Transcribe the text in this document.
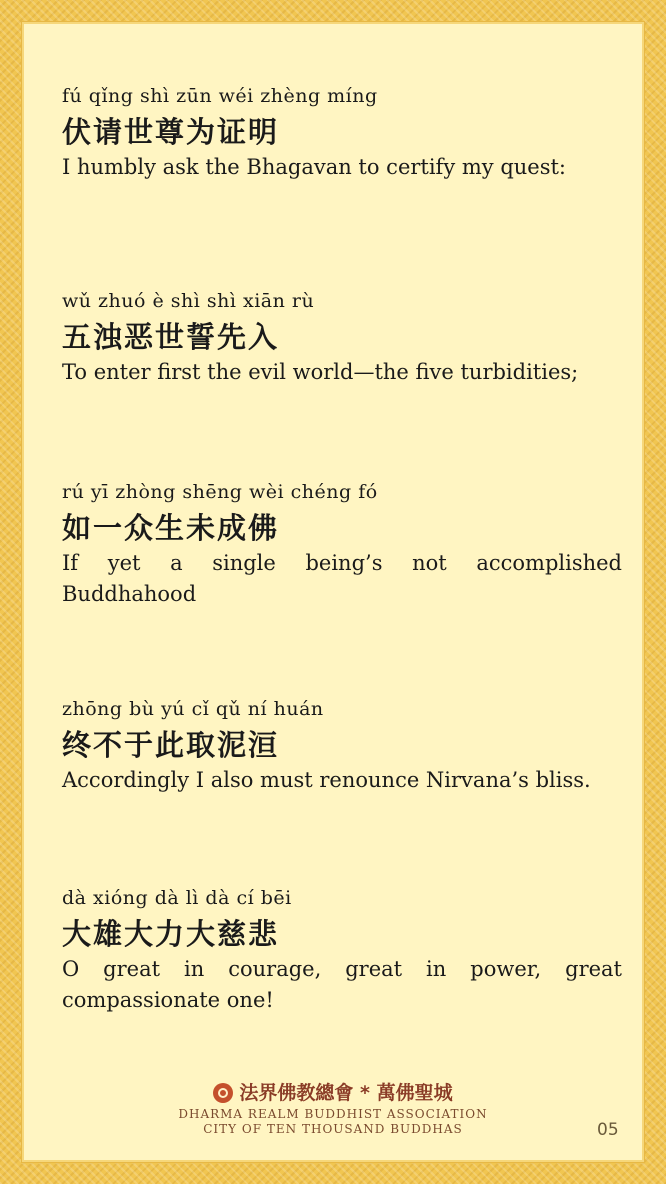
fú qǐng shì zūn wéi zhèng míng
伏请世尊为证明
I humbly ask the Bhagavan to certify my quest:
wǔ zhuó è shì shì xiān rù
五浊恶世誓先入
To enter first the evil world—the five turbidities;
rú yī zhòng shēng wèi chéng fó
如一众生未成佛
If yet a single being’s not accomplished Buddhahood
zhōng bù yú cǐ qǔ ní huán
终不于此取泥洹
Accordingly I also must renounce Nirvana’s bliss.
dà xióng dà lì dà cí bēi
大雄大力大慈悲
O great in courage, great in power, great compassionate one!
法界佛教總會 * 萬佛聖城
DHARMA REALM BUDDHIST ASSOCIATION
CITY OF TEN THOUSAND BUDDHAS	05
